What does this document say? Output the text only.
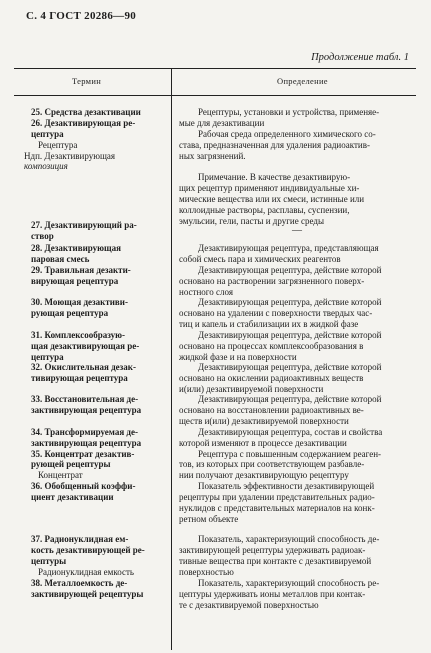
С. 4 ГОСТ 20286—90
Продолжение табл. 1
Термин	Определение
25. Средства дезактивации
26. Дезактивирующая ре-
цептура
Рецептура
Ндп. Дезактивирующая
композиция
27. Дезактивирующий ра-
створ
28. Дезактивирующая
паровая смесь
29. Травильная дезакти-
вирующая рецептура
30. Моющая дезактиви-
рующая рецептура
31. Комплексообразую-
щая дезактивирующая ре-
цептура
32. Окислительная дезак-
тивирующая рецептура
33. Восстановительная де-
зактивирующая рецептура
34. Трансформируемая де-
зактивирующая рецептура
35. Концентрат дезактив-
рующей рецептуры
Концентрат
36. Обобщенный коэффи-
циент дезактивации
37. Радионуклидная ем-
кость дезактивирующей ре-
цептуры
Радионуклидная емкость
38. Металлоемкость де-
зактивирующей рецептуры
Рецептуры, установки и устройства, применяе-
мые для дезактивации
Рабочая среда определенного химического со-
става, предназначенная для удаления радиоактив-
ных загрязнений.
Примечание. В качестве дезактивирую-
щих рецептур применяют индивидуальные хи-
мические вещества или их смеси, истинные или
коллоидные растворы, расплавы, суспензии,
эмульсии, гели, пасты и другие среды
—
Дезактивирующая рецептура, представляющая
собой смесь пара и химических реагентов
Дезактивирующая рецептура, действие которой
основано на растворении загрязненного поверх-
ностного слоя
Дезактивирующая рецептура, действие которой
основано на удалении с поверхности твердых час-
тиц и капель и стабилизации их в жидкой фазе
Дезактивирующая рецептура, действие которой
основано на процессах комплексообразования в
жидкой фазе и на поверхности
Дезактивирующая рецептура, действие которой
основано на окислении радиоактивных веществ
и(или) дезактивируемой поверхности
Дезактивирующая рецептура, действие которой
основано на восстановлении радиоактивных ве-
ществ и(или) дезактивируемой поверхности
Дезактивирующая рецептура, состав и свойства
которой изменяют в процессе дезактивации
Рецептура с повышенным содержанием реаген-
тов, из которых при соответствующем разбавле-
нии получают дезактивирующую рецептуру
Показатель эффективности дезактивирующей
рецептуры при удалении представительных радио-
нуклидов с представительных материалов на конк-
ретном объекте
Показатель, характеризующий способность де-
зактивирующей рецептуры удерживать радиоак-
тивные вещества при контакте с дезактивируемой
поверхностью
Показатель, характеризующий способность ре-
цептуры удерживать ионы металлов при контак-
те с дезактивируемой поверхностью
